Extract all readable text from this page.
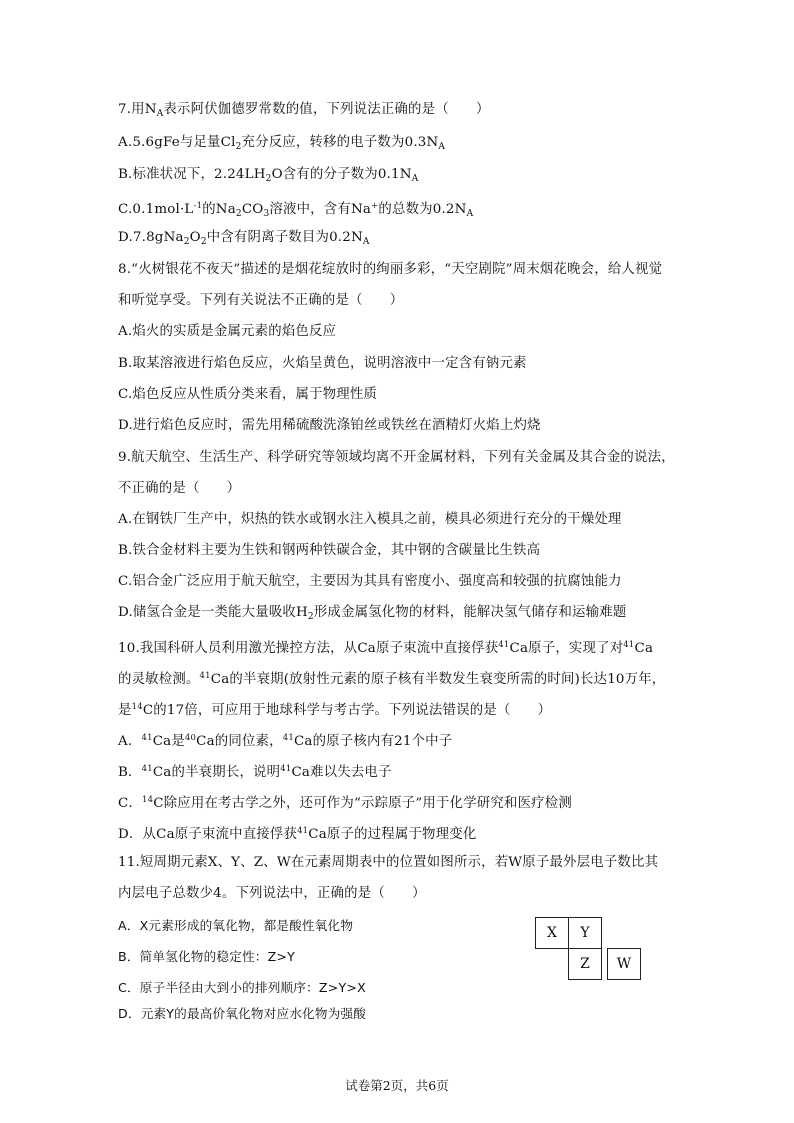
7.用$N_A$表示阿伏伽德罗常数的值，下列说法正确的是（　　）
A.5.6gFe与足量$Cl_2$充分反应，转移的电子数为$0.3N_A$
B.标准状况下，$2.24LH_2O$含有的分子数为$0.1N_A$
$C.0.1mol\cdot L^{-1}$的$Na_2CO_3$溶液中，含有Na+的总数为$0.2N_A$
$D.7.8gNa_2O_2$中含有阴离子数目为$0.2N_A$
8.“火树银花不夜天”描述的是烟花绽放时的绚丽多彩，“天空剧院”周末烟花晚会，给人视觉
和听觉享受。下列有关说法不正确的是（　　）
A.焰火的实质是金属元素的焰色反应
B.取某溶液进行焰色反应，火焰呈黄色，说明溶液中一定含有钠元素
C.焰色反应从性质分类来看，属于物理性质
D.进行焰色反应时，需先用稀硫酸洗涤铂丝或铁丝在酒精灯火焰上灼烧
9.航天航空、生活生产、科学研究等领域均离不开金属材料，下列有关金属及其合金的说法，
不正确的是（　　）
A.在钢铁厂生产中，炽热的铁水或钢水注入模具之前，模具必须进行充分的干燥处理
B.铁合金材料主要为生铁和钢两种铁碳合金，其中钢的含碳量比生铁高
C.铝合金广泛应用于航天航空，主要因为其具有密度小、强度高和较强的抗腐蚀能力
D.储氢合金是一类能大量吸收$H_2$形成金属氢化物的材料，能解决氢气储存和运输难题
10.我国科研人员利用激光操控方法，从Ca原子束流中直接俘获$^{41}$Ca原子，实现了对$^{41}$Ca
的灵敏检测。$^{41}$Ca的半衰期(放射性元素的原子核有半数发生衰变所需的时间)长达10万年，
是$^{14}$C的17倍，可应用于地球科学与考古学。下列说法错误的是（　　）
A．$^{41}$Ca是$^{40}$Ca的同位素，$^{41}$Ca的原子核内有21个中子
B．$^{41}$Ca的半衰期长，说明$^{41}$Ca难以失去电子
C．$^{14}$C除应用在考古学之外，还可作为“示踪原子”用于化学研究和医疗检测
D．从Ca原子束流中直接俘获$^{41}$Ca原子的过程属于物理变化
11.短周期元素X、Y、Z、W在元素周期表中的位置如图所示，若W原子最外层电子数比其
内层电子总数少4。下列说法中，正确的是（　　）
A．X元素形成的氧化物，都是酸性氧化物
B．简单氢化物的稳定性：Z>Y
C．原子半径由大到小的排列顺序：Z>Y>X
D．元素Y的最高价氧化物对应水化物为强酸
X	Y
Z	W
试卷第2页，共6页
